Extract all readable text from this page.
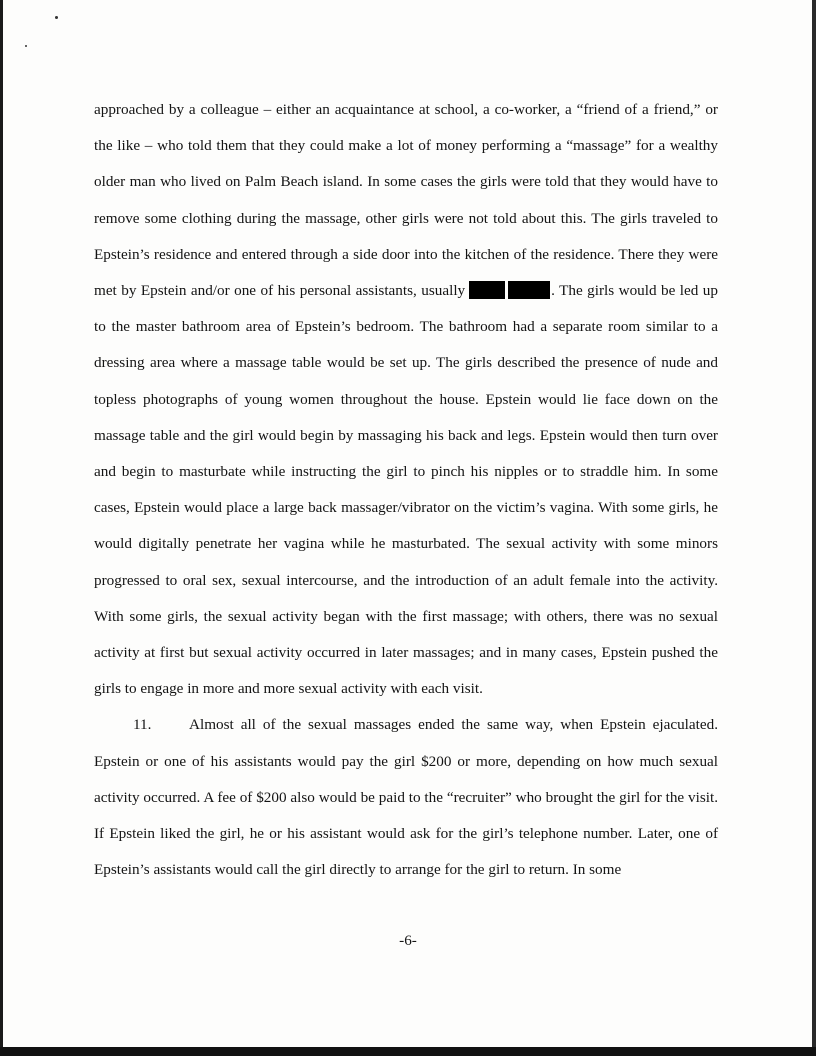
approached by a colleague – either an acquaintance at school, a co-worker, a “friend of a friend,” or the like – who told them that they could make a lot of money performing a “massage” for a wealthy older man who lived on Palm Beach island. In some cases the girls were told that they would have to remove some clothing during the massage, other girls were not told about this. The girls traveled to Epstein’s residence and entered through a side door into the kitchen of the residence. There they were met by Epstein and/or one of his personal assistants, usually	. The girls would be led up to the master bathroom area of Epstein’s bedroom. The bathroom had a separate room similar to a dressing area where a massage table would be set up. The girls described the presence of nude and topless photographs of young women throughout the house. Epstein would lie face down on the massage table and the girl would begin by massaging his back and legs. Epstein would then turn over and begin to masturbate while instructing the girl to pinch his nipples or to straddle him. In some cases, Epstein would place a large back massager/vibrator on the victim’s vagina. With some girls, he would digitally penetrate her vagina while he masturbated. The sexual activity with some minors progressed to oral sex, sexual intercourse, and the introduction of an adult female into the activity. With some girls, the sexual activity began with the first massage; with others, there was no sexual activity at first but sexual activity occurred in later massages; and in many cases, Epstein pushed the girls to engage in more and more sexual activity with each visit.

11. Almost all of the sexual massages ended the same way, when Epstein ejaculated. Epstein or one of his assistants would pay the girl $200 or more, depending on how much sexual activity occurred. A fee of $200 also would be paid to the “recruiter” who brought the girl for the visit. If Epstein liked the girl, he or his assistant would ask for the girl’s telephone number. Later, one of Epstein’s assistants would call the girl directly to arrange for the girl to return. In some

-6-
